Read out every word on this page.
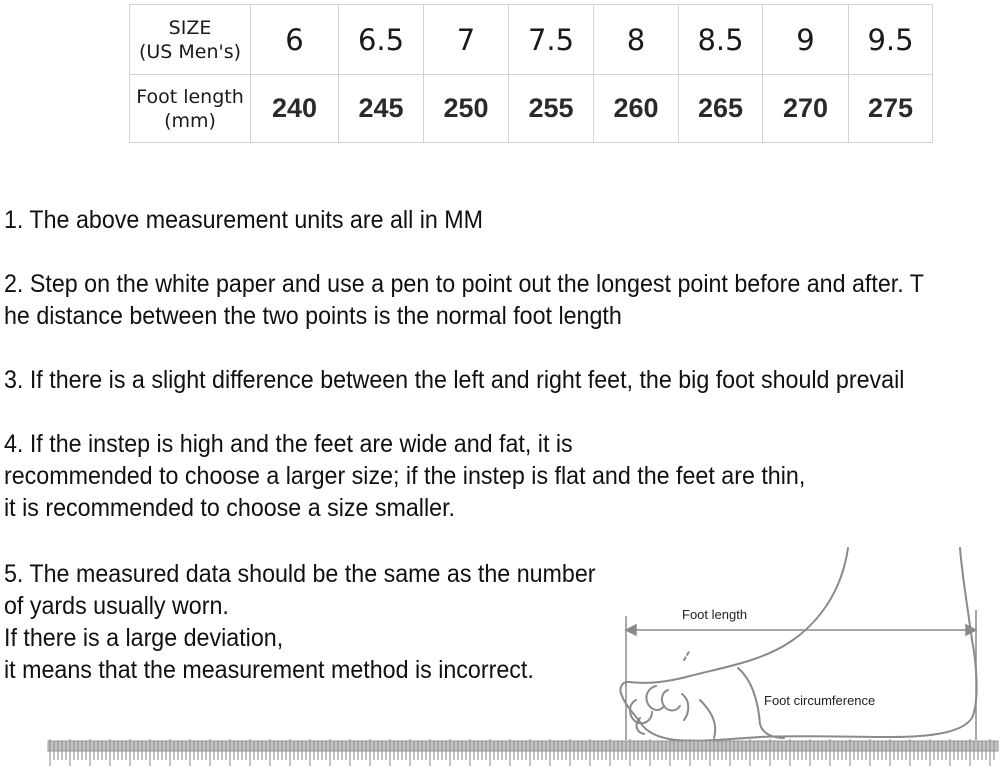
SIZE
(US Men's)	6	6.5	7	7.5	8	8.5	9	9.5

Foot length
(mm)	240	245	250	255	260	265	270	275

1. The above measurement units are all in MM

2. Step on the white paper and use a pen to point out the longest point before and after. T
he distance between the two points is the normal foot length

3. If there is a slight difference between the left and right feet, the big foot should prevail

4. If the instep is high and the feet are wide and fat, it is
recommended to choose a larger size; if the instep is flat and the feet are thin,
it is recommended to choose a size smaller.

5. The measured data should be the same as the number
of yards usually worn.
If there is a large deviation,
it means that the measurement method is incorrect.

Foot length
Foot circumference
